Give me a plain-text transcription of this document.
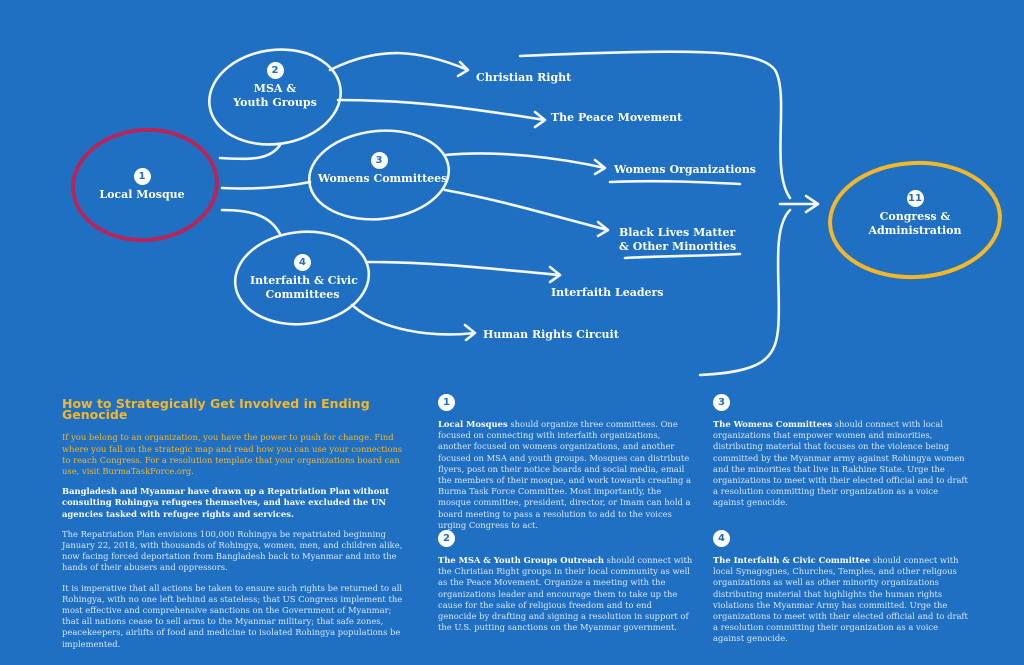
1
Local Mosque
2
MSA &
Youth Groups
3
Womens Committees
4
Interfaith & Civic
Committees
11
Congress &
Administration
Christian Right
The Peace Movement
Womens Organizations
Black Lives Matter
& Other Minorities
Interfaith Leaders
Human Rights Circuit
How to Strategically Get Involved in Ending Genocide

If you belong to an organization, you have the power to push for change. Find where you fall on the strategic map and read how you can use your connections to reach Congress. For a resolution template that your organizations board can use, visit BurmaTaskForce.org.

Bangladesh and Myanmar have drawn up a Repatriation Plan without consulting Rohingya refugees themselves, and have excluded the UN agencies tasked with refugee rights and services.

The Repatriation Plan envisions 100,000 Rohingya be repatriated beginning January 22, 2018, with thousands of Rohingya, women, men, and children alike, now facing forced deportation from Bangladesh back to Myanmar and into the hands of their abusers and oppressors.

It is imperative that all actions be taken to ensure such rights be returned to all Rohingya, with no one left behind as stateless; that US Congress implement the most effective and comprehensive sanctions on the Government of Myanmar; that all nations cease to sell arms to the Myanmar military; that safe zones, peacekeepers, airlifts of food and medicine to isolated Rohingya populations be implemented.

1

Local Mosques should organize three committees. One focused on connecting with interfaith organizations, another focused on womens organizations, and another focused on MSA and youth groups. Mosques can distribute flyers, post on their notice boards and social media, email the members of their mosque, and work towards creating a Burma Task Force Committee. Most importantly, the mosque committee, president, director, or Imam can hold a board meeting to pass a resolution to add to the voices urging Congress to act.

2

The MSA & Youth Groups Outreach should connect with the Christian Right groups in their local community as well as the Peace Movement. Organize a meeting with the organizations leader and encourage them to take up the cause for the sake of religious freedom and to end genocide by drafting and signing a resolution in support of the U.S. putting sanctions on the Myanmar government.

3

The Womens Committees should connect with local organizations that empower women and minorities, distributing material that focuses on the violence being committed by the Myanmar army against Rohingya women and the minorities that live in Rakhine State. Urge the organizations to meet with their elected official and to draft a resolution committing their organization as a voice against genocide.

4

The Interfaith & Civic Committee should connect with local Synagogues, Churches, Temples, and other religous organizations as well as other minority organizations distributing material that highlights the human rights violations the Myanmar Army has committed. Urge the organizations to meet with their elected official and to draft a resolution committing their organization as a voice against genocide.
